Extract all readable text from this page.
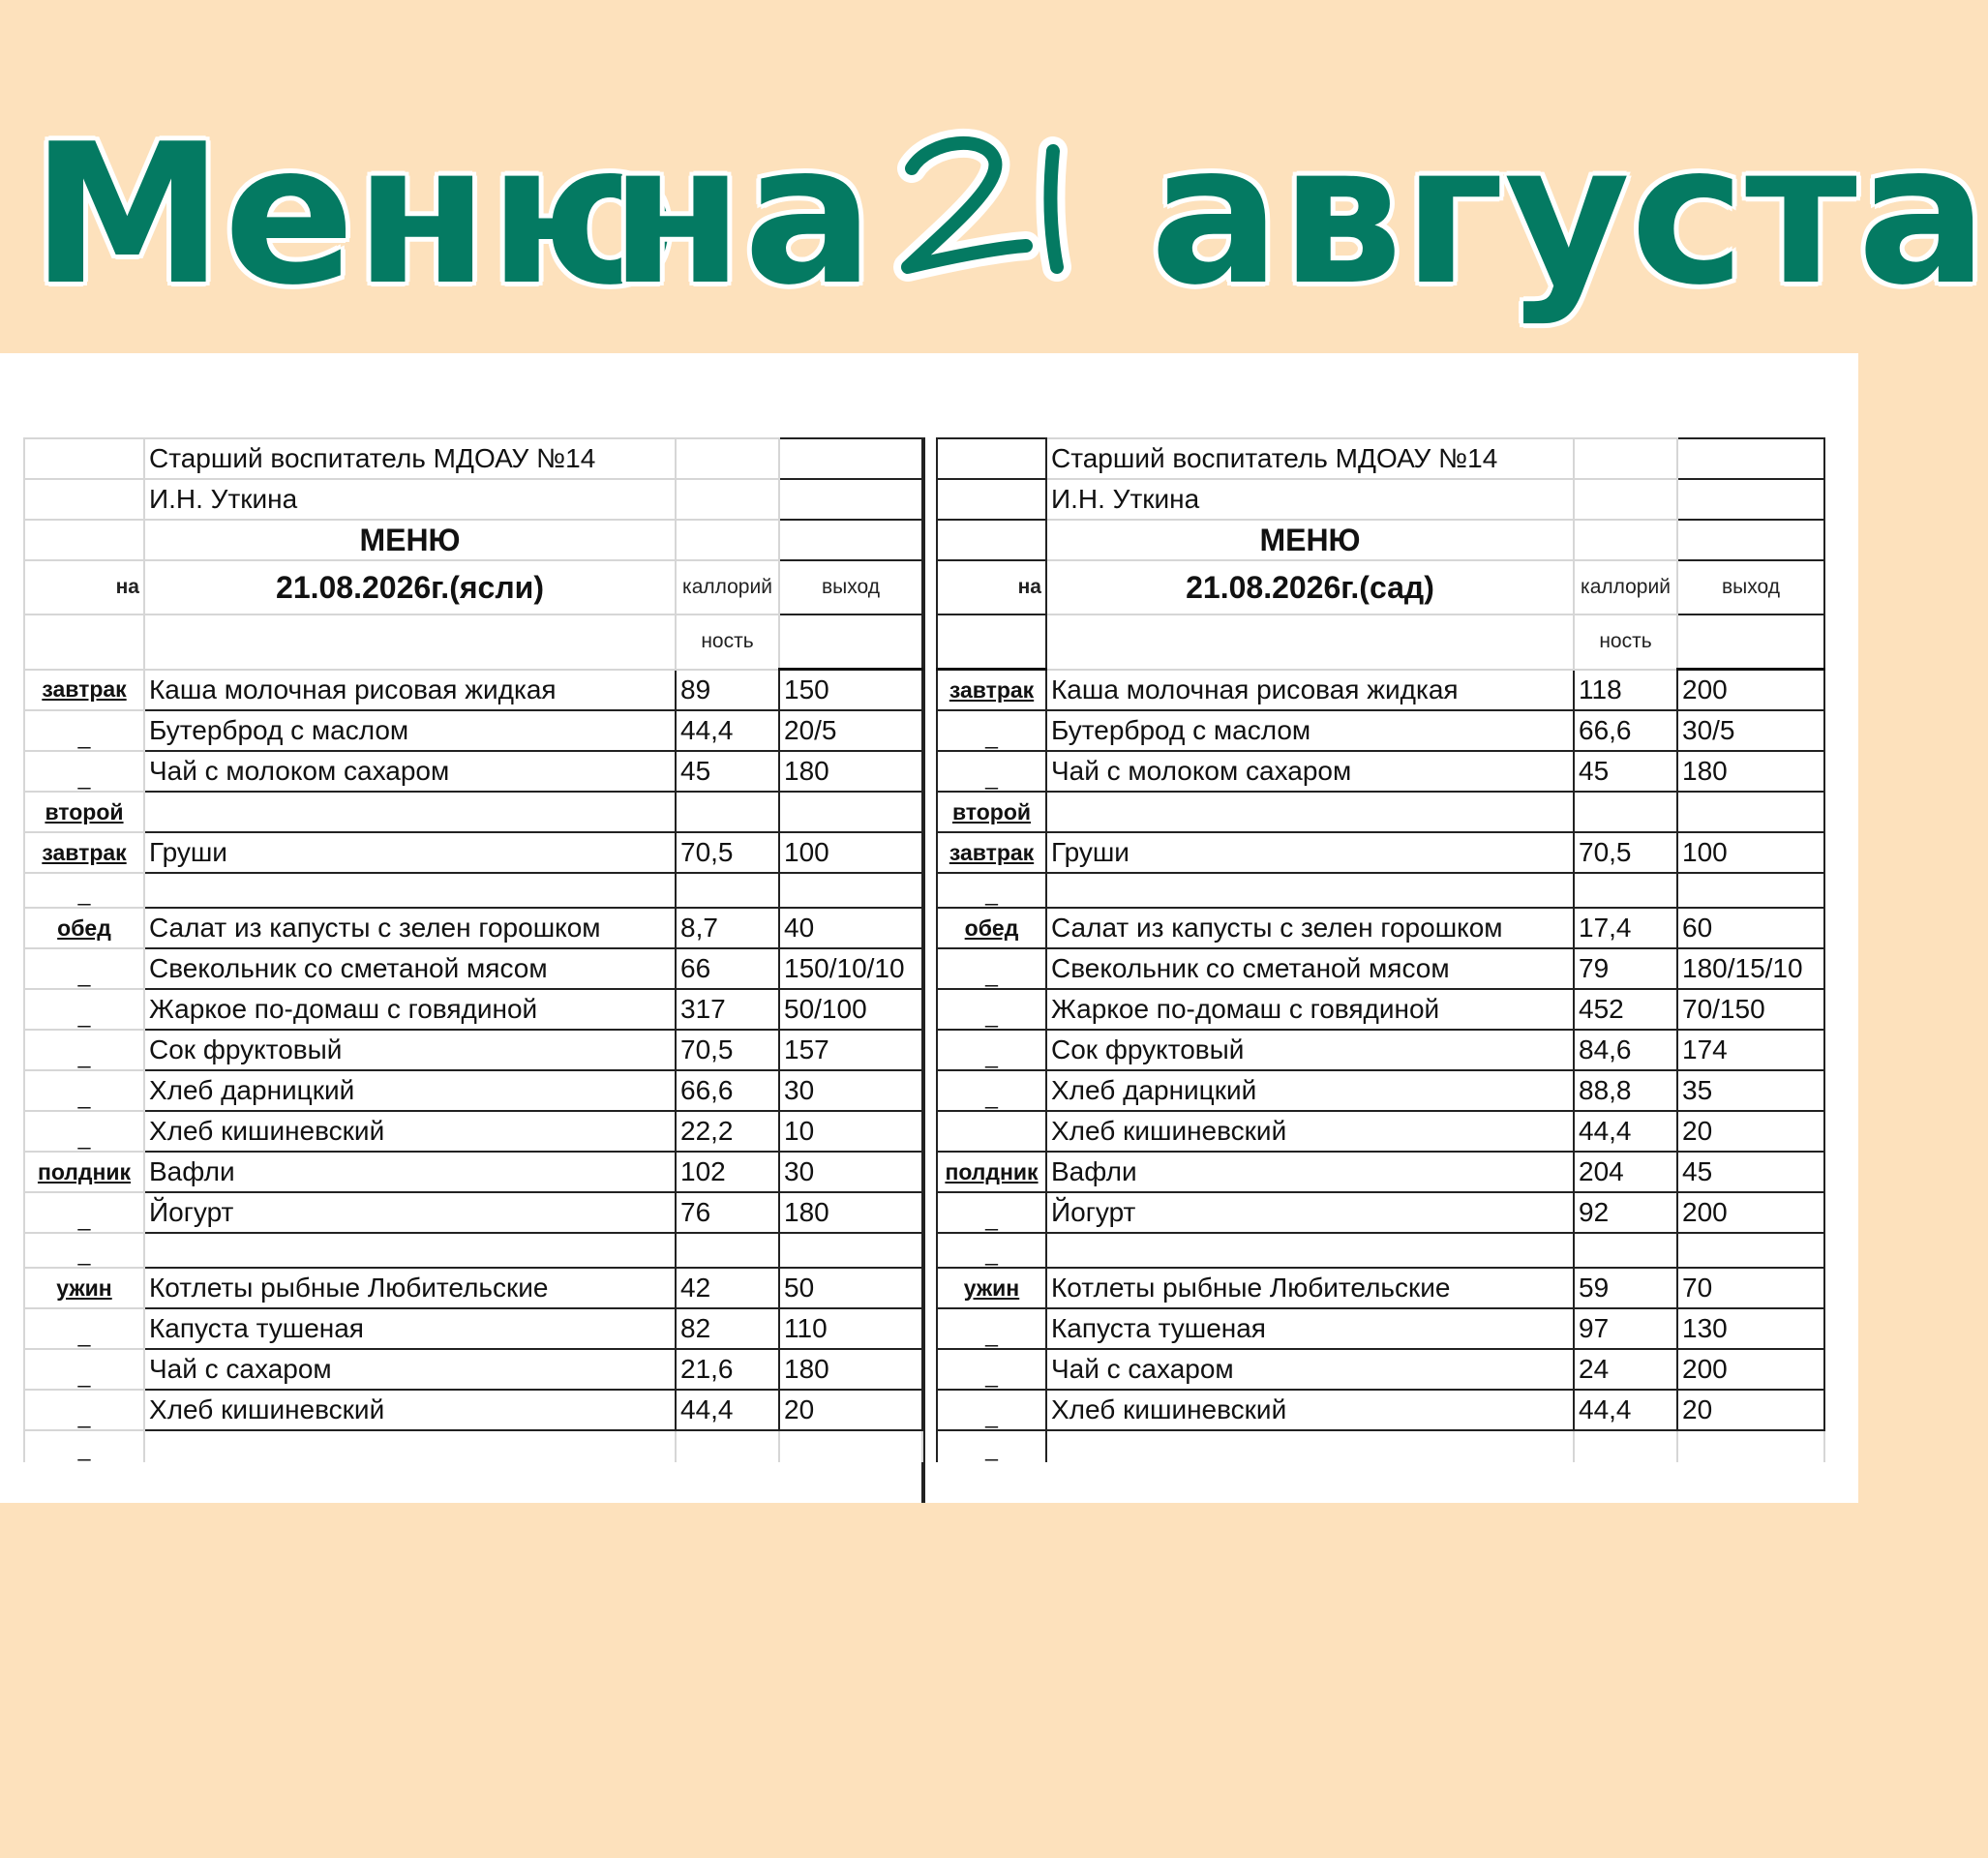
Меню
на	21 августа
	Старший воспитатель МДОАУ №14		
	И.Н. Уткина		
	МЕНЮ		
на	21.08.2026г.(ясли)	каллорий	выход
		ность	
завтрак	Каша молочная рисовая жидкая	89	150
_	Бутерброд с маслом	44,4	20/5
_	Чай с молоком сахаром	45	180
второй			
завтрак	Груши	70,5	100
_			
обед	Салат из капусты с зелен горошком	8,7	40
_	Свекольник со сметаной мясом	66	150/10/10
_	Жаркое по-домаш с говядиной	317	50/100
_	Сок фруктовый	70,5	157
_	Хлеб дарницкий	66,6	30
_	Хлеб кишиневский	22,2	10
полдник	Вафли	102	30
_	Йогурт	76	180
_			
ужин	Котлеты рыбные Любительские	42	50
_	Капуста тушеная	82	110
_	Чай с сахаром	21,6	180
_	Хлеб кишиневский	44,4	20
_			
	Старший воспитатель МДОАУ №14		
	И.Н. Уткина		
	МЕНЮ		
на	21.08.2026г.(сад)	каллорий	выход
		ность	
завтрак	Каша молочная рисовая жидкая	118	200
_	Бутерброд с маслом	66,6	30/5
_	Чай с молоком сахаром	45	180
второй			
завтрак	Груши	70,5	100
_			
обед	Салат из капусты с зелен горошком	17,4	60
_	Свекольник со сметаной мясом	79	180/15/10
_	Жаркое по-домаш с говядиной	452	70/150
_	Сок фруктовый	84,6	174
_	Хлеб дарницкий	88,8	35
	Хлеб кишиневский	44,4	20
полдник	Вафли	204	45
_	Йогурт	92	200
_			
ужин	Котлеты рыбные Любительские	59	70
_	Капуста тушеная	97	130
_	Чай с сахаром	24	200
_	Хлеб кишиневский	44,4	20
_			
